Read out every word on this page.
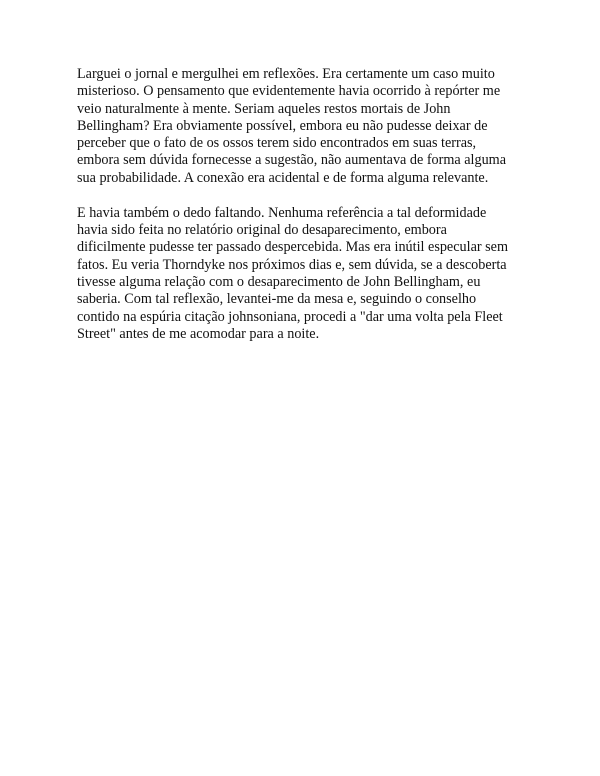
Larguei o jornal e mergulhei em reflexões. Era certamente um caso muito
misterioso. O pensamento que evidentemente havia ocorrido à repórter me
veio naturalmente à mente. Seriam aqueles restos mortais de John
Bellingham? Era obviamente possível, embora eu não pudesse deixar de
perceber que o fato de os ossos terem sido encontrados em suas terras,
embora sem dúvida fornecesse a sugestão, não aumentava de forma alguma
sua probabilidade. A conexão era acidental e de forma alguma relevante.

E havia também o dedo faltando. Nenhuma referência a tal deformidade
havia sido feita no relatório original do desaparecimento, embora
dificilmente pudesse ter passado despercebida. Mas era inútil especular sem
fatos. Eu veria Thorndyke nos próximos dias e, sem dúvida, se a descoberta
tivesse alguma relação com o desaparecimento de John Bellingham, eu
saberia. Com tal reflexão, levantei-me da mesa e, seguindo o conselho
contido na espúria citação johnsoniana, procedi a "dar uma volta pela Fleet
Street" antes de me acomodar para a noite.
